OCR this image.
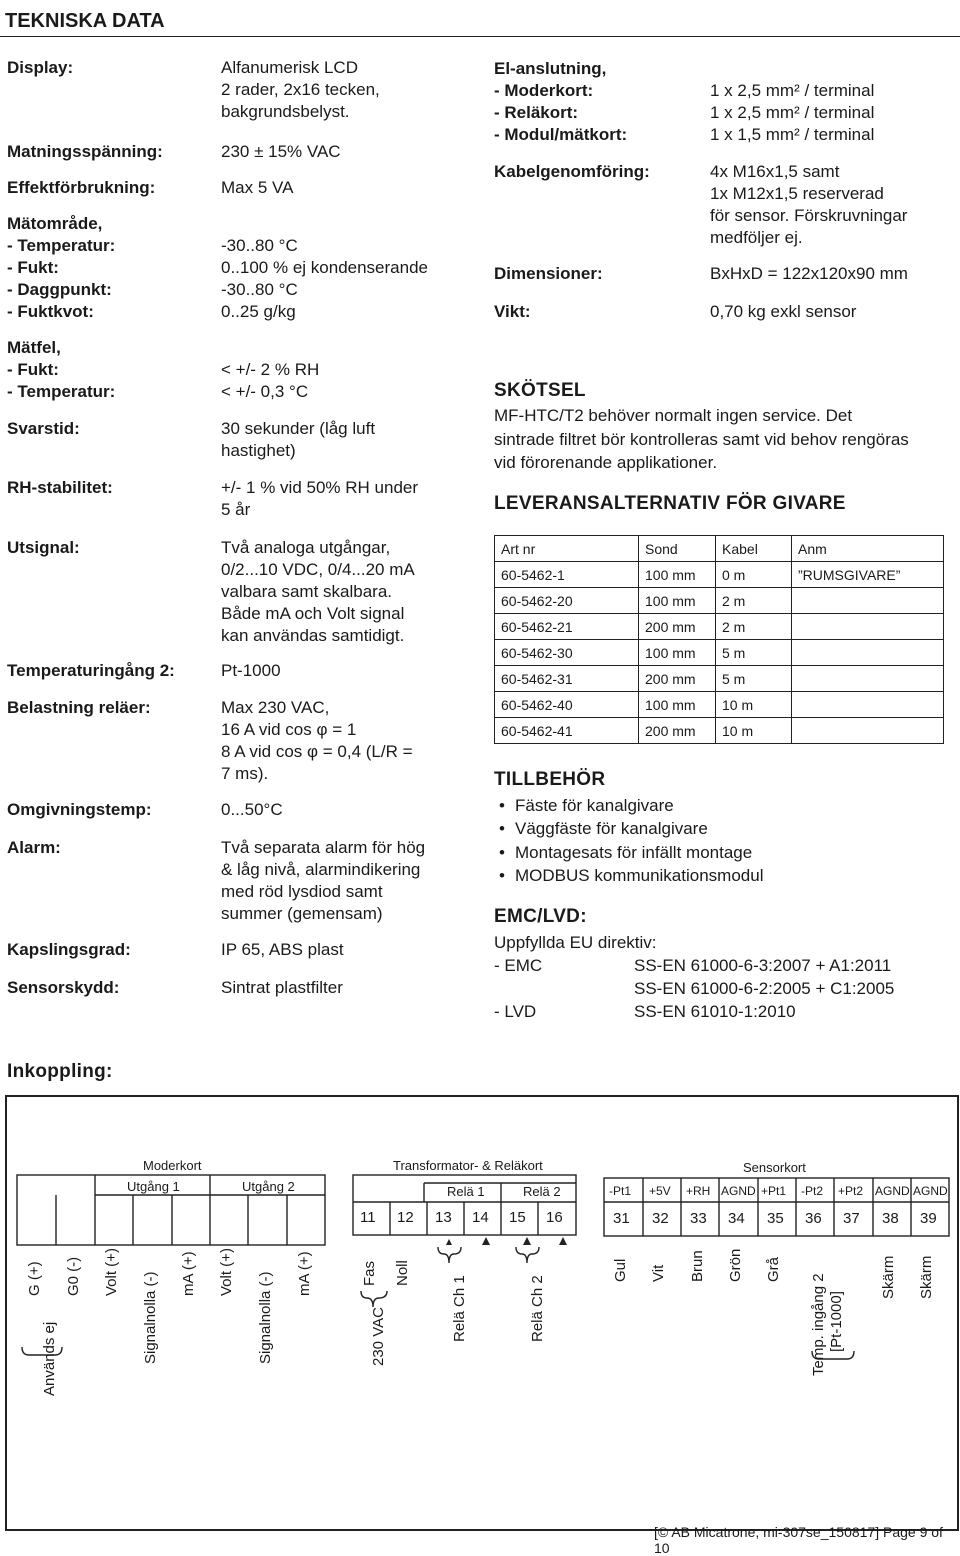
TEKNISKA DATA
Display:	Alfanumerisk LCD
2 rader, 2x16 tecken,
bakgrundsbelyst.
Matningsspänning:	230 ± 15% VAC
Effektförbrukning:	Max 5 VA
Mätområde,
- Temperatur:	-30..80 °C
- Fukt:	0..100 % ej kondenserande
- Daggpunkt:	-30..80 °C
- Fuktkvot:	0..25 g/kg
Mätfel,
- Fukt:	< +/- 2 % RH
- Temperatur:	< +/- 0,3 °C
Svarstid:	30 sekunder (låg luft
hastighet)
RH-stabilitet:	+/- 1 % vid 50% RH under
5 år
Utsignal:	Två analoga utgångar,
0/2...10 VDC, 0/4...20 mA
valbara samt skalbara.
Både mA och Volt signal
kan användas samtidigt.
Temperaturingång 2:	Pt-1000
Belastning reläer:	Max 230 VAC,
16 A vid cos φ = 1
8 A vid cos φ = 0,4 (L/R =
7 ms).
Omgivningstemp:	0...50°C
Alarm:	Två separata alarm för hög
& låg nivå, alarmindikering
med röd lysdiod samt
summer (gemensam)
Kapslingsgrad:	IP 65, ABS plast
Sensorskydd:	Sintrat plastfilter
El-anslutning,
- Moderkort:	1 x 2,5 mm² / terminal
- Reläkort:	1 x 2,5 mm² / terminal
- Modul/mätkort:	1 x 1,5 mm² / terminal
Kabelgenomföring:	4x M16x1,5 samt
1x M12x1,5 reserverad
för sensor. Förskruvningar
medföljer ej.
Dimensioner:	BxHxD = 122x120x90 mm
Vikt:	0,70 kg exkl sensor
SKÖTSEL
MF-HTC/T2 behöver normalt ingen service. Det
sintrade filtret bör kontrolleras samt vid behov rengöras
vid förorenande applikationer.
LEVERANSALTERNATIV FÖR GIVARE
Art nr	Sond	Kabel	Anm
60-5462-1	100 mm	0 m	”RUMSGIVARE”
60-5462-20	100 mm	2 m	
60-5462-21	200 mm	2 m	
60-5462-30	100 mm	5 m	
60-5462-31	200 mm	5 m	
60-5462-40	100 mm	10 m	
60-5462-41	200 mm	10 m	
TILLBEHÖR
• Fäste för kanalgivare
• Väggfäste för kanalgivare
• Montagesats för infällt montage
• MODBUS kommunikationsmodul
EMC/LVD:
Uppfyllda EU direktiv:
- EMC	SS-EN 61000-6-3:2007 + A1:2011
SS-EN 61000-6-2:2005 + C1:2005
- LVD	SS-EN 61010-1:2010
Inkoppling:
Moderkort	Transformator- & Reläkort	Sensorkort
Utgång 1	Utgång 2	Relä 1	Relä 2
11 12 13 14 15 16
-Pt1 +5V +RH AGND +Pt1 -Pt2 +Pt2 AGND AGND
31 32 33 34 35 36 37 38 39
G (+) G0 (-)
Används ej
Volt (+) Signalnolla (-) mA (+) Volt (+) Signalnolla (-) mA (+)	Fas Noll
230 VAC	Relä Ch 1	Relä Ch 2
Gul Vit Brun Grön Grå
Temp. ingång 2 [Pt-1000]
Skärm Skärm
[© AB Micatrone, mi-307se_150817] Page 9 of 10
